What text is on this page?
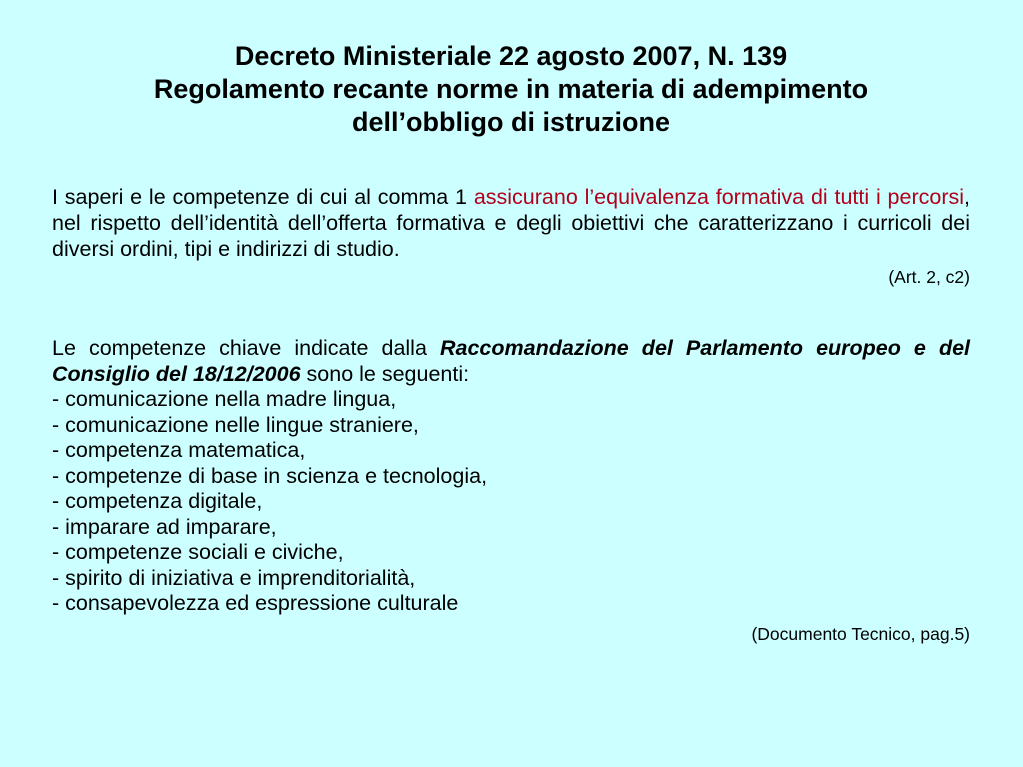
Decreto Ministeriale 22 agosto 2007, N. 139
Regolamento recante norme in materia di adempimento
dell’obbligo di istruzione

I saperi e le competenze di cui al comma 1 assicurano l’equivalenza formativa di tutti i percorsi, nel rispetto dell’identità dell’offerta formativa e degli obiettivi che caratterizzano i curricoli dei diversi ordini, tipi e indirizzi di studio.

(Art. 2, c2)

Le competenze chiave indicate dalla Raccomandazione del Parlamento europeo e del Consiglio del 18/12/2006 sono le seguenti:

- comunicazione nella madre lingua,
- comunicazione nelle lingue straniere,
- competenza matematica,
- competenze di base in scienza e tecnologia,
- competenza digitale,
- imparare ad imparare,
- competenze sociali e civiche,
- spirito di iniziativa e imprenditorialità,
- consapevolezza ed espressione culturale

(Documento Tecnico, pag.5)
